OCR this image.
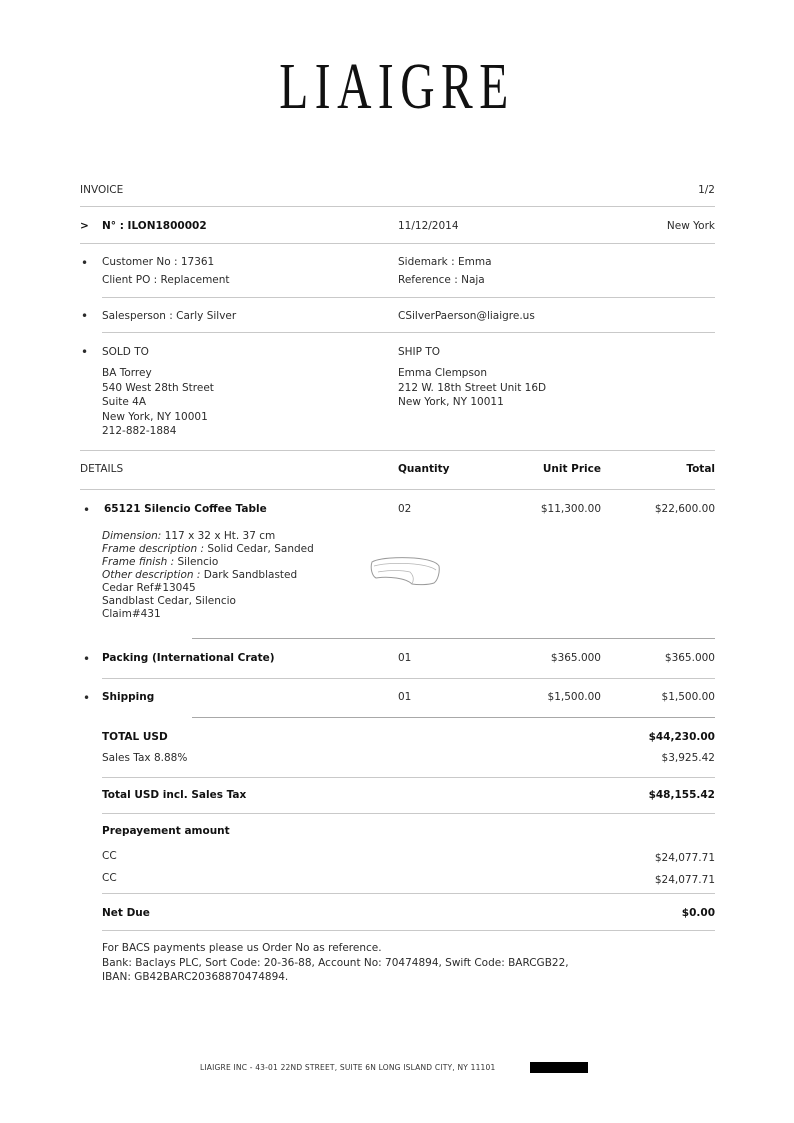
LIAIGRE
INVOICE	1/2
> N° : ILON1800002	11/12/2014	New York
• Customer No : 17361
Client PO : Replacement
Sidemark : Emma
Reference : Naja
• Salesperson : Carly Silver	CSilverPaerson@liaigre.us
• SOLD TO
BA Torrey
540 West 28th Street
Suite 4A
New York, NY 10001
212-882-1884
SHIP TO
Emma Clempson
212 W. 18th Street Unit 16D
New York, NY 10011
DETAILS	Quantity	Unit Price	Total
• 65121 Silencio Coffee Table	02	$11,300.00	$22,600.00
Dimension: 117 x 32 x Ht. 37 cm
Frame description : Solid Cedar, Sanded
Frame finish : Silencio
Other description : Dark Sandblasted
Cedar Ref#13045
Sandblast Cedar, Silencio
Claim#431
• Packing (International Crate)	01	$365.000	$365.000
• Shipping	01	$1,500.00	$1,500.00
TOTAL USD	$44,230.00
Sales Tax 8.88%	$3,925.42
Total USD incl. Sales Tax	$48,155.42
Prepayement amount
CC	$24,077.71
CC	$24,077.71
Net Due	$0.00
For BACS payments please us Order No as reference.
Bank: Baclays PLC, Sort Code: 20-36-88, Account No: 70474894, Swift Code: BARCGB22,
IBAN: GB42BARC20368870474894.
LIAIGRE INC - 43-01 22ND STREET, SUITE 6N LONG ISLAND CITY, NY 11101
